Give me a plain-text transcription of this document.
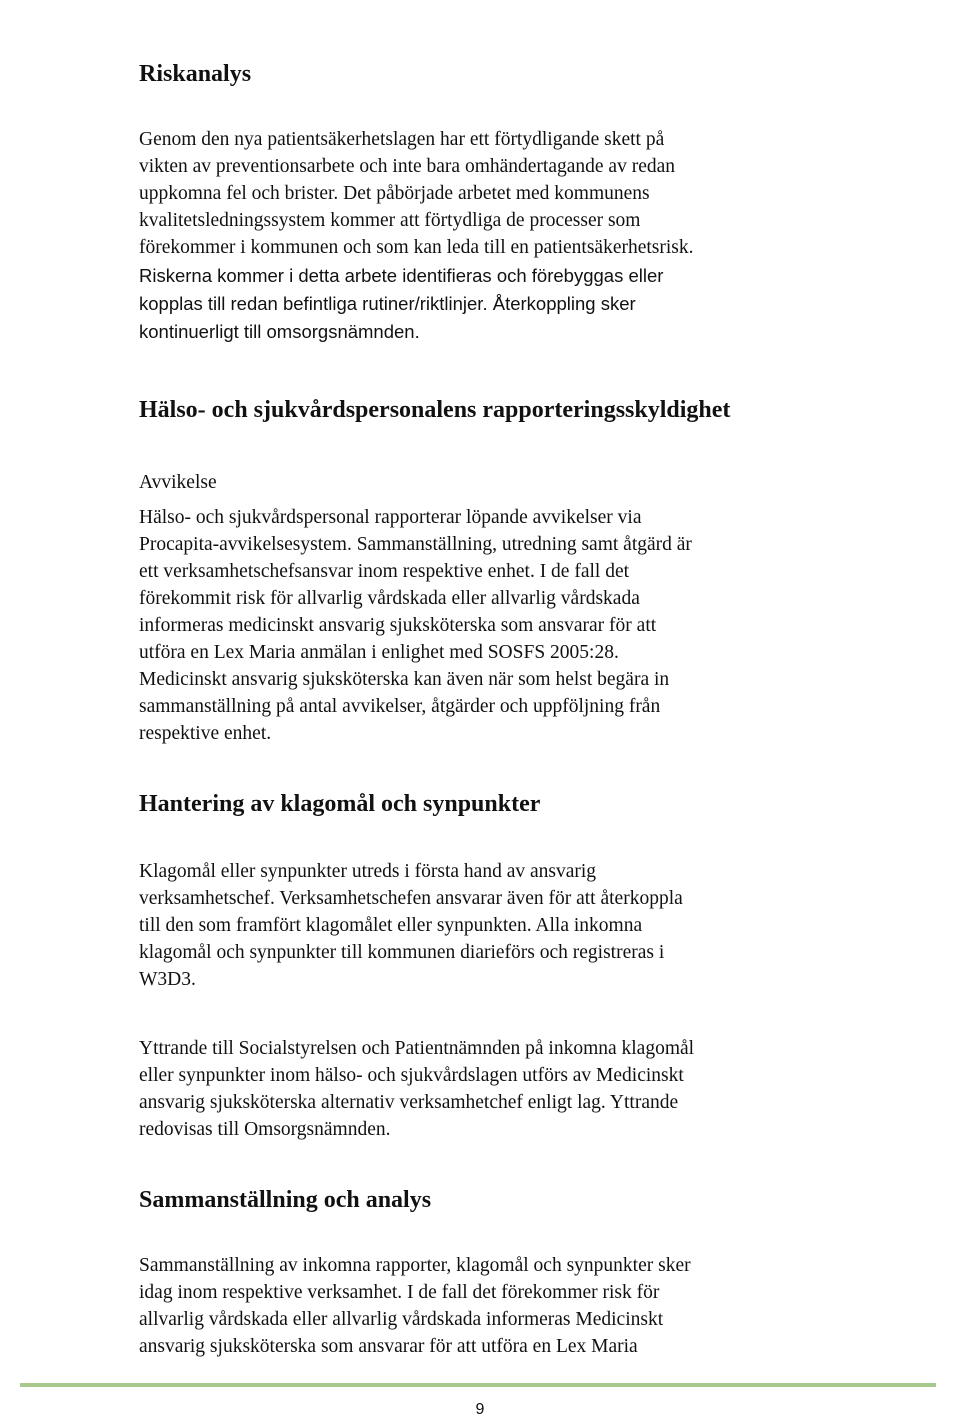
Riskanalys
Genom den nya patientsäkerhetslagen har ett förtydligande skett på
vikten av preventionsarbete och inte bara omhändertagande av redan
uppkomna fel och brister. Det påbörjade arbetet med kommunens
kvalitetsledningssystem kommer att förtydliga de processer som
förekommer i kommunen och som kan leda till en patientsäkerhetsrisk.
Riskerna kommer i detta arbete identifieras och förebyggas eller
kopplas till redan befintliga rutiner/riktlinjer. Återkoppling sker
kontinuerligt till omsorgsnämnden.
Hälso- och sjukvårdspersonalens rapporteringsskyldighet
Avvikelse
Hälso- och sjukvårdspersonal rapporterar löpande avvikelser via
Procapita-avvikelsesystem. Sammanställning, utredning samt åtgärd är
ett verksamhetschefsansvar inom respektive enhet. I de fall det
förekommit risk för allvarlig vårdskada eller allvarlig vårdskada
informeras medicinskt ansvarig sjuksköterska som ansvarar för att
utföra en Lex Maria anmälan i enlighet med SOSFS 2005:28.
Medicinskt ansvarig sjuksköterska kan även när som helst begära in
sammanställning på antal avvikelser, åtgärder och uppföljning från
respektive enhet.
Hantering av klagomål och synpunkter
Klagomål eller synpunkter utreds i första hand av ansvarig
verksamhetschef. Verksamhetschefen ansvarar även för att återkoppla
till den som framfört klagomålet eller synpunkten. Alla inkomna
klagomål och synpunkter till kommunen diarieförs och registreras i
W3D3.
Yttrande till Socialstyrelsen och Patientnämnden på inkomna klagomål
eller synpunkter inom hälso- och sjukvårdslagen utförs av Medicinskt
ansvarig sjuksköterska alternativ verksamhetchef enligt lag. Yttrande
redovisas till Omsorgsnämnden.
Sammanställning och analys
Sammanställning av inkomna rapporter, klagomål och synpunkter sker
idag inom respektive verksamhet. I de fall det förekommer risk för
allvarlig vårdskada eller allvarlig vårdskada informeras Medicinskt
ansvarig sjuksköterska som ansvarar för att utföra en Lex Maria
9
